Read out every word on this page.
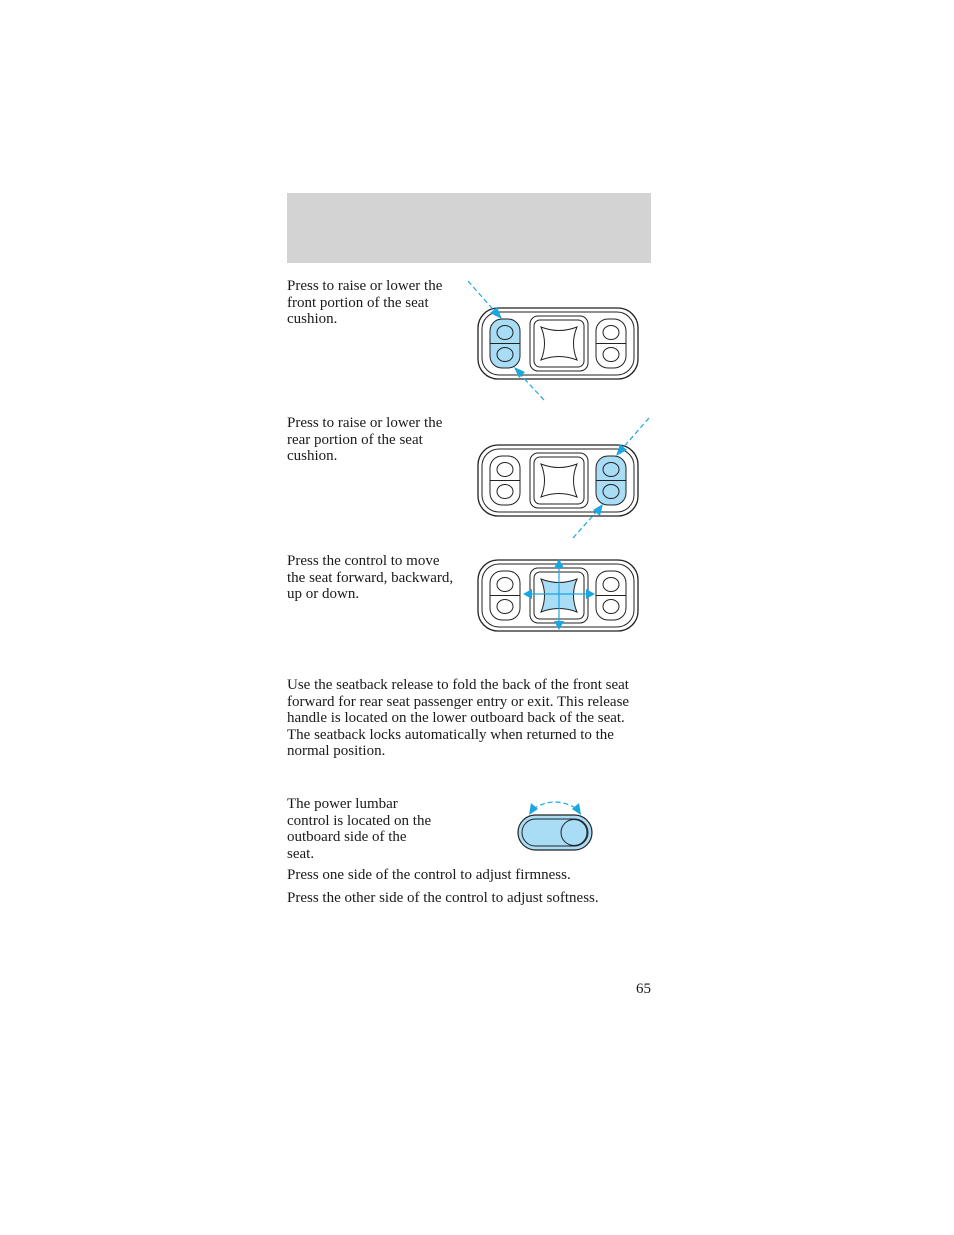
Press to raise or lower the front portion of the seat cushion.

Press to raise or lower the rear portion of the seat cushion.

Press the control to move the seat forward, backward, up or down.

Use the seatback release to fold the back of the front seat forward for rear seat passenger entry or exit. This release handle is located on the lower outboard back of the seat. The seatback locks automatically when returned to the normal position.

The power lumbar control is located on the outboard side of the seat.

Press one side of the control to adjust firmness.

Press the other side of the control to adjust softness.

65
